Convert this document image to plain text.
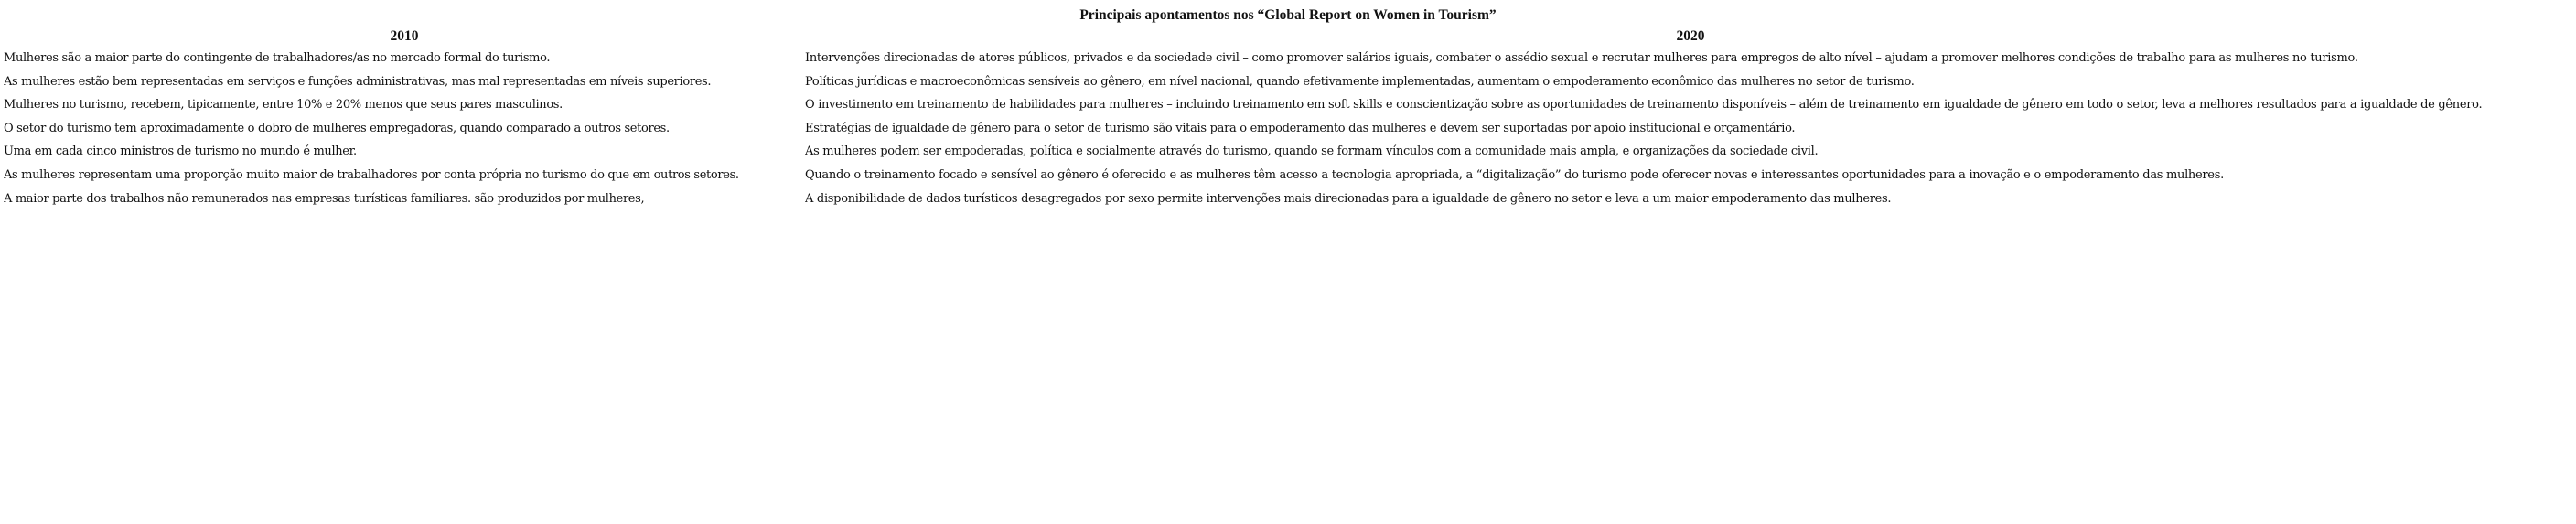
Principais apontamentos nos “Global Report on Women in Tourism”
2010	2020
Mulheres são a maior parte do contingente de trabalhadores/as no mercado formal do turismo.	Intervenções direcionadas de atores públicos, privados e da sociedade civil – como promover salários iguais, combater o assédio sexual e recrutar mulheres para empregos de alto nível – ajudam a promover melhores condições de trabalho para as mulheres no turismo.
As mulheres estão bem representadas em serviços e funções administrativas, mas mal representadas em níveis superiores.	Políticas jurídicas e macroeconômicas sensíveis ao gênero, em nível nacional, quando efetivamente implementadas, aumentam o empoderamento econômico das mulheres no setor de turismo.
Mulheres no turismo, recebem, tipicamente, entre 10% e 20% menos que seus pares masculinos.	O investimento em treinamento de habilidades para mulheres – incluindo treinamento em soft skills e conscientização sobre as oportunidades de treinamento disponíveis – além de treinamento em igualdade de gênero em todo o setor, leva a melhores resultados para a igualdade de gênero.
O setor do turismo tem aproximadamente o dobro de mulheres empregadoras, quando comparado a outros setores.	Estratégias de igualdade de gênero para o setor de turismo são vitais para o empoderamento das mulheres e devem ser suportadas por apoio institucional e orçamentário.
Uma em cada cinco ministros de turismo no mundo é mulher.	As mulheres podem ser empoderadas, política e socialmente através do turismo, quando se formam vínculos com a comunidade mais ampla, e organizações da sociedade civil.
As mulheres representam uma proporção muito maior de trabalhadores por conta própria no turismo do que em outros setores.	Quando o treinamento focado e sensível ao gênero é oferecido e as mulheres têm acesso a tecnologia apropriada, a “digitalização” do turismo pode oferecer novas e interessantes oportunidades para a inovação e o empoderamento das mulheres.
A maior parte dos trabalhos não remunerados nas empresas turísticas familiares. são produzidos por mulheres,	A disponibilidade de dados turísticos desagregados por sexo permite intervenções mais direcionadas para a igualdade de gênero no setor e leva a um maior empoderamento das mulheres.
